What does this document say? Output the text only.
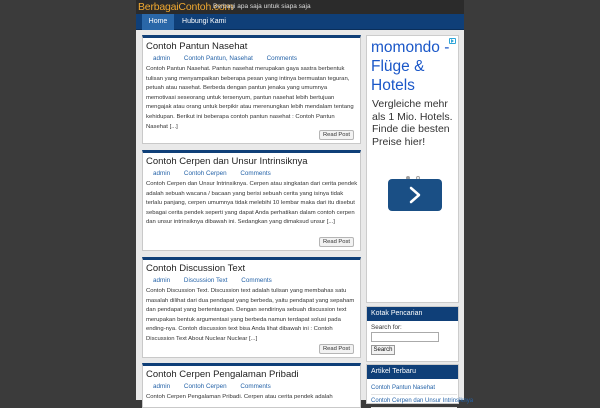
BerbagaiContoh.com
Berbagi apa saja untuk siapa saja
Home	Hubungi Kami
Contoh Pantun Nasehat
admin Contoh Pantun, Nasehat Comments
Contoh Pantun Nasehat. Pantun nasehat merupakan gaya sastra berbentuk tulisan yang menyampaikan beberapa pesan yang intinya bermuatan teguran, petuah atau nasehat. Berbeda dengan pantun jenaka yang umumnya memotivasi seseorang untuk tersenyum, pantun nasehat lebih bertujuan mengajak atau orang untuk berpikir atau merenungkan lebih mendalam tentang kehidupan. Berikut ini beberapa contoh pantun nasehat : Contoh Pantun Nasehat [...]
Read Post
Contoh Cerpen dan Unsur Intrinsiknya
admin Contoh Cerpen Comments
Contoh Cerpen dan Unsur Intrinsiknya. Cerpen atau singkatan dari cerita pendek adalah sebuah wacana / bacaan yang berisi sebuah cerita yang isinya tidak terlalu panjang, cerpen umumnya tidak melebihi 10 lembar maka dari itu disebut sebagai cerita pendek seperti yang dapat Anda perhatikan dalam contoh cerpen dan unsur intrinsiknya dibawah ini. Sedangkan yang dimaksud unsur [...]
Read Post
Contoh Discussion Text
admin Discussion Text Comments
Contoh Discussion Text. Discussion text adalah tulisan yang membahas satu masalah dilihat dari dua pendapat yang berbeda, yaitu pendapat yang sepaham dan pendapat yang bertentangan. Dengan sendirinya sebuah discussion text merupakan bentuk argumentasi yang berbeda namun terdapat solusi pada ending-nya. Contoh discussion text bisa Anda lihat dibawah ini : Contoh Discussion Text About Nuclear Nuclear [...]
Read Post
Contoh Cerpen Pengalaman Pribadi
admin Contoh Cerpen Comments
Contoh Cerpen Pengalaman Pribadi. Cerpen atau cerita pendek adalah
momondo - Flüge & Hotels
Vergleiche mehr als 1 Mio. Hotels. Finde die besten Preise hier!
Kotak Pencarian
Search for:
Search
Artikel Terbaru
Contoh Pantun Nasehat
Contoh Cerpen dan Unsur Intrinsiknya
